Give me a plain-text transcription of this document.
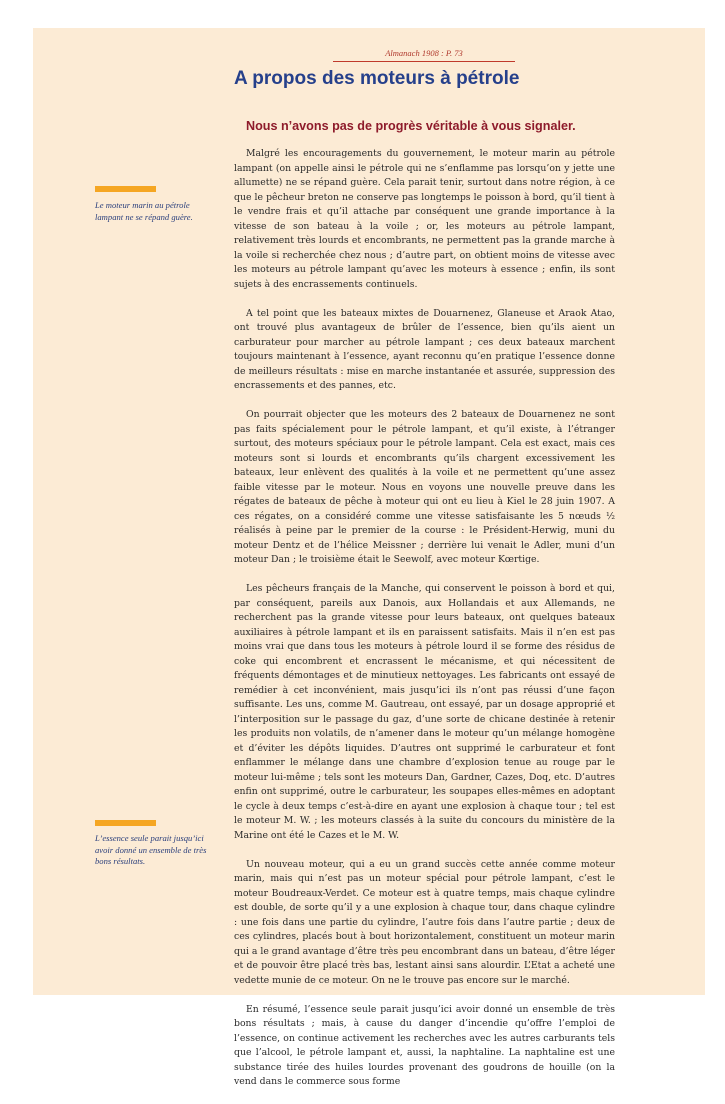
Almanach 1908 : P. 73
A propos des moteurs à pétrole
Nous n’avons pas de progrès véritable à vous signaler.
Le moteur marin au pétrole lampant ne se répand guère.
L’essence seule parait jusqu’ici avoir donné un ensemble de très bons résultats.

Malgré les encouragements du gouvernement, le moteur marin au pétrole lampant (on appelle ainsi le pétrole qui ne s’enflamme pas lorsqu’on y jette une allumette) ne se répand guère. Cela parait tenir, surtout dans notre région, à ce que le pêcheur breton ne conserve pas longtemps le poisson à bord, qu’il tient à le vendre frais et qu’il attache par conséquent une grande importance à la vitesse de son bateau à la voile ; or, les moteurs au pétrole lampant, relativement très lourds et encombrants, ne permettent pas la grande marche à la voile si recherchée chez nous ; d’autre part, on obtient moins de vitesse avec les moteurs au pétrole lampant qu’avec les moteurs à essence ; enfin, ils sont sujets à des encrassements continuels.

A tel point que les bateaux mixtes de Douarnenez, Glaneuse et Araok Atao, ont trouvé plus avantageux de brûler de l’essence, bien qu’ils aient un carburateur pour marcher au pétrole lampant ; ces deux bateaux marchent toujours maintenant à l’essence, ayant reconnu qu’en pratique l’essence donne de meilleurs résultats : mise en marche instantanée et assurée, suppression des encrassements et des pannes, etc.

On pourrait objecter que les moteurs des 2 bateaux de Douarnenez ne sont pas faits spécialement pour le pétrole lampant, et qu’il existe, à l’étranger surtout, des moteurs spéciaux pour le pétrole lampant. Cela est exact, mais ces moteurs sont si lourds et encombrants qu’ils chargent excessivement les bateaux, leur enlèvent des qualités à la voile et ne permettent qu’une assez faible vitesse par le moteur. Nous en voyons une nouvelle preuve dans les régates de bateaux de pêche à moteur qui ont eu lieu à Kiel le 28 juin 1907. A ces régates, on a considéré comme une vitesse satisfaisante les 5 nœuds ½ réalisés à peine par le premier de la course : le Président-Herwig, muni du moteur Dentz et de l’hélice Meissner ; derrière lui venait le Adler, muni d’un moteur Dan ; le troisième était le Seewolf, avec moteur Kœrtige.

Les pêcheurs français de la Manche, qui conservent le poisson à bord et qui, par conséquent, pareils aux Danois, aux Hollandais et aux Allemands, ne recherchent pas la grande vitesse pour leurs bateaux, ont quelques bateaux auxiliaires à pétrole lampant et ils en paraissent satisfaits. Mais il n’en est pas moins vrai que dans tous les moteurs à pétrole lourd il se forme des résidus de coke qui encombrent et encrassent le mécanisme, et qui nécessitent de fréquents démontages et de minutieux nettoyages. Les fabricants ont essayé de remédier à cet inconvénient, mais jusqu’ici ils n’ont pas réussi d’une façon suffisante. Les uns, comme M. Gautreau, ont essayé, par un dosage approprié et l’interposition sur le passage du gaz, d’une sorte de chicane destinée à retenir les produits non volatils, de n’amener dans le moteur qu’un mélange homogène et d’éviter les dépôts liquides. D’autres ont supprimé le carburateur et font enflammer le mélange dans une chambre d’explosion tenue au rouge par le moteur lui-même ; tels sont les moteurs Dan, Gardner, Cazes, Doq, etc. D’autres enfin ont supprimé, outre le carburateur, les soupapes elles-mêmes en adoptant le cycle à deux temps c’est-à-dire en ayant une explosion à chaque tour ; tel est le moteur M. W. ; les moteurs classés à la suite du concours du ministère de la Marine ont été le Cazes et le M. W.

Un nouveau moteur, qui a eu un grand succès cette année comme moteur marin, mais qui n’est pas un moteur spécial pour pétrole lampant, c’est le moteur Boudreaux-Verdet. Ce moteur est à quatre temps, mais chaque cylindre est double, de sorte qu’il y a une explosion à chaque tour, dans chaque cylindre : une fois dans une partie du cylindre, l’autre fois dans l’autre partie ; deux de ces cylindres, placés bout à bout horizontalement, constituent un moteur marin qui a le grand avantage d’être très peu encombrant dans un bateau, d’être léger et de pouvoir être placé très bas, lestant ainsi sans alourdir. L’Etat a acheté une vedette munie de ce moteur. On ne le trouve pas encore sur le marché.

En résumé, l’essence seule parait jusqu’ici avoir donné un ensemble de très bons résultats ; mais, à cause du danger d’incendie qu’offre l’emploi de l’essence, on continue activement les recherches avec les autres carburants tels que l’alcool, le pétrole lampant et, aussi, la naphtaline. La naphtaline est une substance tirée des huiles lourdes provenant des goudrons de houille (on la vend dans le commerce sous forme
